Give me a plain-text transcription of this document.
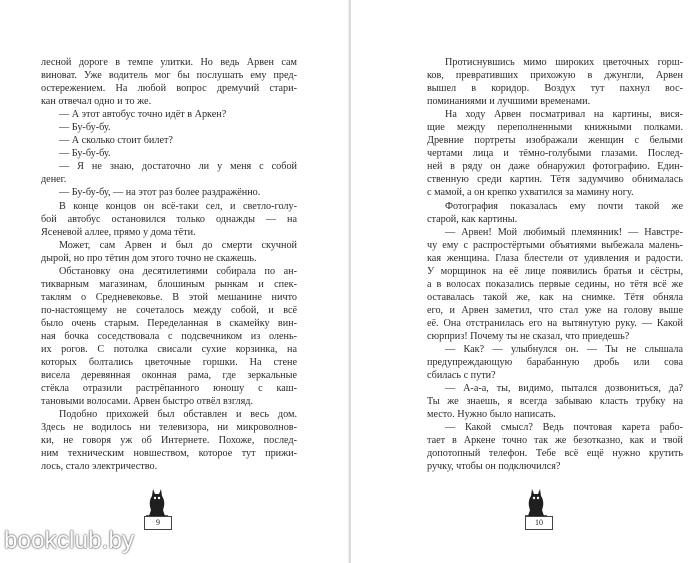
лесной дороге в темпе улитки. Но ведь Арвен сам
виноват. Уже водитель мог бы послушать ему пред-
остережением. На любой вопрос дремучий стари-
кан отвечал одно и то же.
— А этот автобус точно идёт в Аркен?
— Бу-бу-бу.
— А сколько стоит билет?
— Бу-бу-бу.
— Я не знаю, достаточно ли у меня с собой
денег.
— Бу-бу-бу, — на этот раз более раздражённо.
В конце концов он всё-таки сел, и светло-голу-
бой автобус остановился только однажды — на
Ясеневой аллее, прямо у дома тёти.
Может, сам Арвен и был до смерти скучной
дырой, но про тётин дом этого точно не скажешь.
Обстановку она десятилетиями собирала по ан-
тикварным магазинам, блошиным рынкам и спек-
таклям о Средневековье. В этой мешанине ничто
по-настоящему не сочеталось между собой, и всё
было очень старым. Переделанная в скамейку вин-
ная бочка соседствовала с подсвечником из олень-
их рогов. С потолка свисали сухие корзинкa, на
которых болтались цветочные горшки. На стене
висела деревянная оконная рама, где зеркальные
стёкла отразили растрёпанного юношу с каш-
тановыми волосами. Арвен быстро отвёл взгляд.
Подобно прихожей был обставлен и весь дом.
Здесь не водилось ни телевизора, ни микроволнов-
ки, не говоря уж об Интернете. Похоже, послед-
ним техническим новшеством, которое тут прижи-
лось, стало электричество.
9
Протиснувшись мимо широких цветочных горш-
ков, превративших прихожую в джунгли, Арвен
вышел в коридор. Воздух тут пахнул вос-
поминаниями и лучшими временами.
На ходу Арвен посматривал на картины, вися-
щие между переполненными книжными полками.
Древние портреты изображали женщин с белыми
чертами лица и тёмно-голубыми глазами. Послед-
ней в ряду он даже обнаружил фотографию. Един-
ственную среди картин. Тётя задумчиво обнималась
с мамой, а он крепко ухватился за мамину ногу.
Фотография показалась ему почти такой же
старой, как картины.
— Арвен! Мой любимый племянник! — Навстре-
чу ему с распростёртыми объятиями выбежала малень-
кая женщина. Глаза блестели от удивления и радости.
У морщинок на её лице появились братья и сёстры,
а в волосах показались первые седины, но тётя всё же
оставалась такой же, как на снимке. Тётя обняла
его, и Арвен заметил, что стал уже на голову выше
её. Она отстранилась его на вытянутую руку. — Какой
сюрприз! Почему ты не сказал, что приедешь?
— Как? — улыбнулся он. — Ты не слышала
предупреждающую барабанную дробь или сова
сбилась с пути?
— А-а-а, ты, видимо, пытался дозвониться, да?
Ты же знаешь, я всегда забываю класть трубку на
место. Нужно было написать.
— Какой смысл? Ведь почтовая карета рабо-
тает в Аркене точно так же безотказно, как и твой
допотопный телефон. Тебе всё ещё нужно крутить
ручку, чтобы он подключился?
10
bookclub.by
